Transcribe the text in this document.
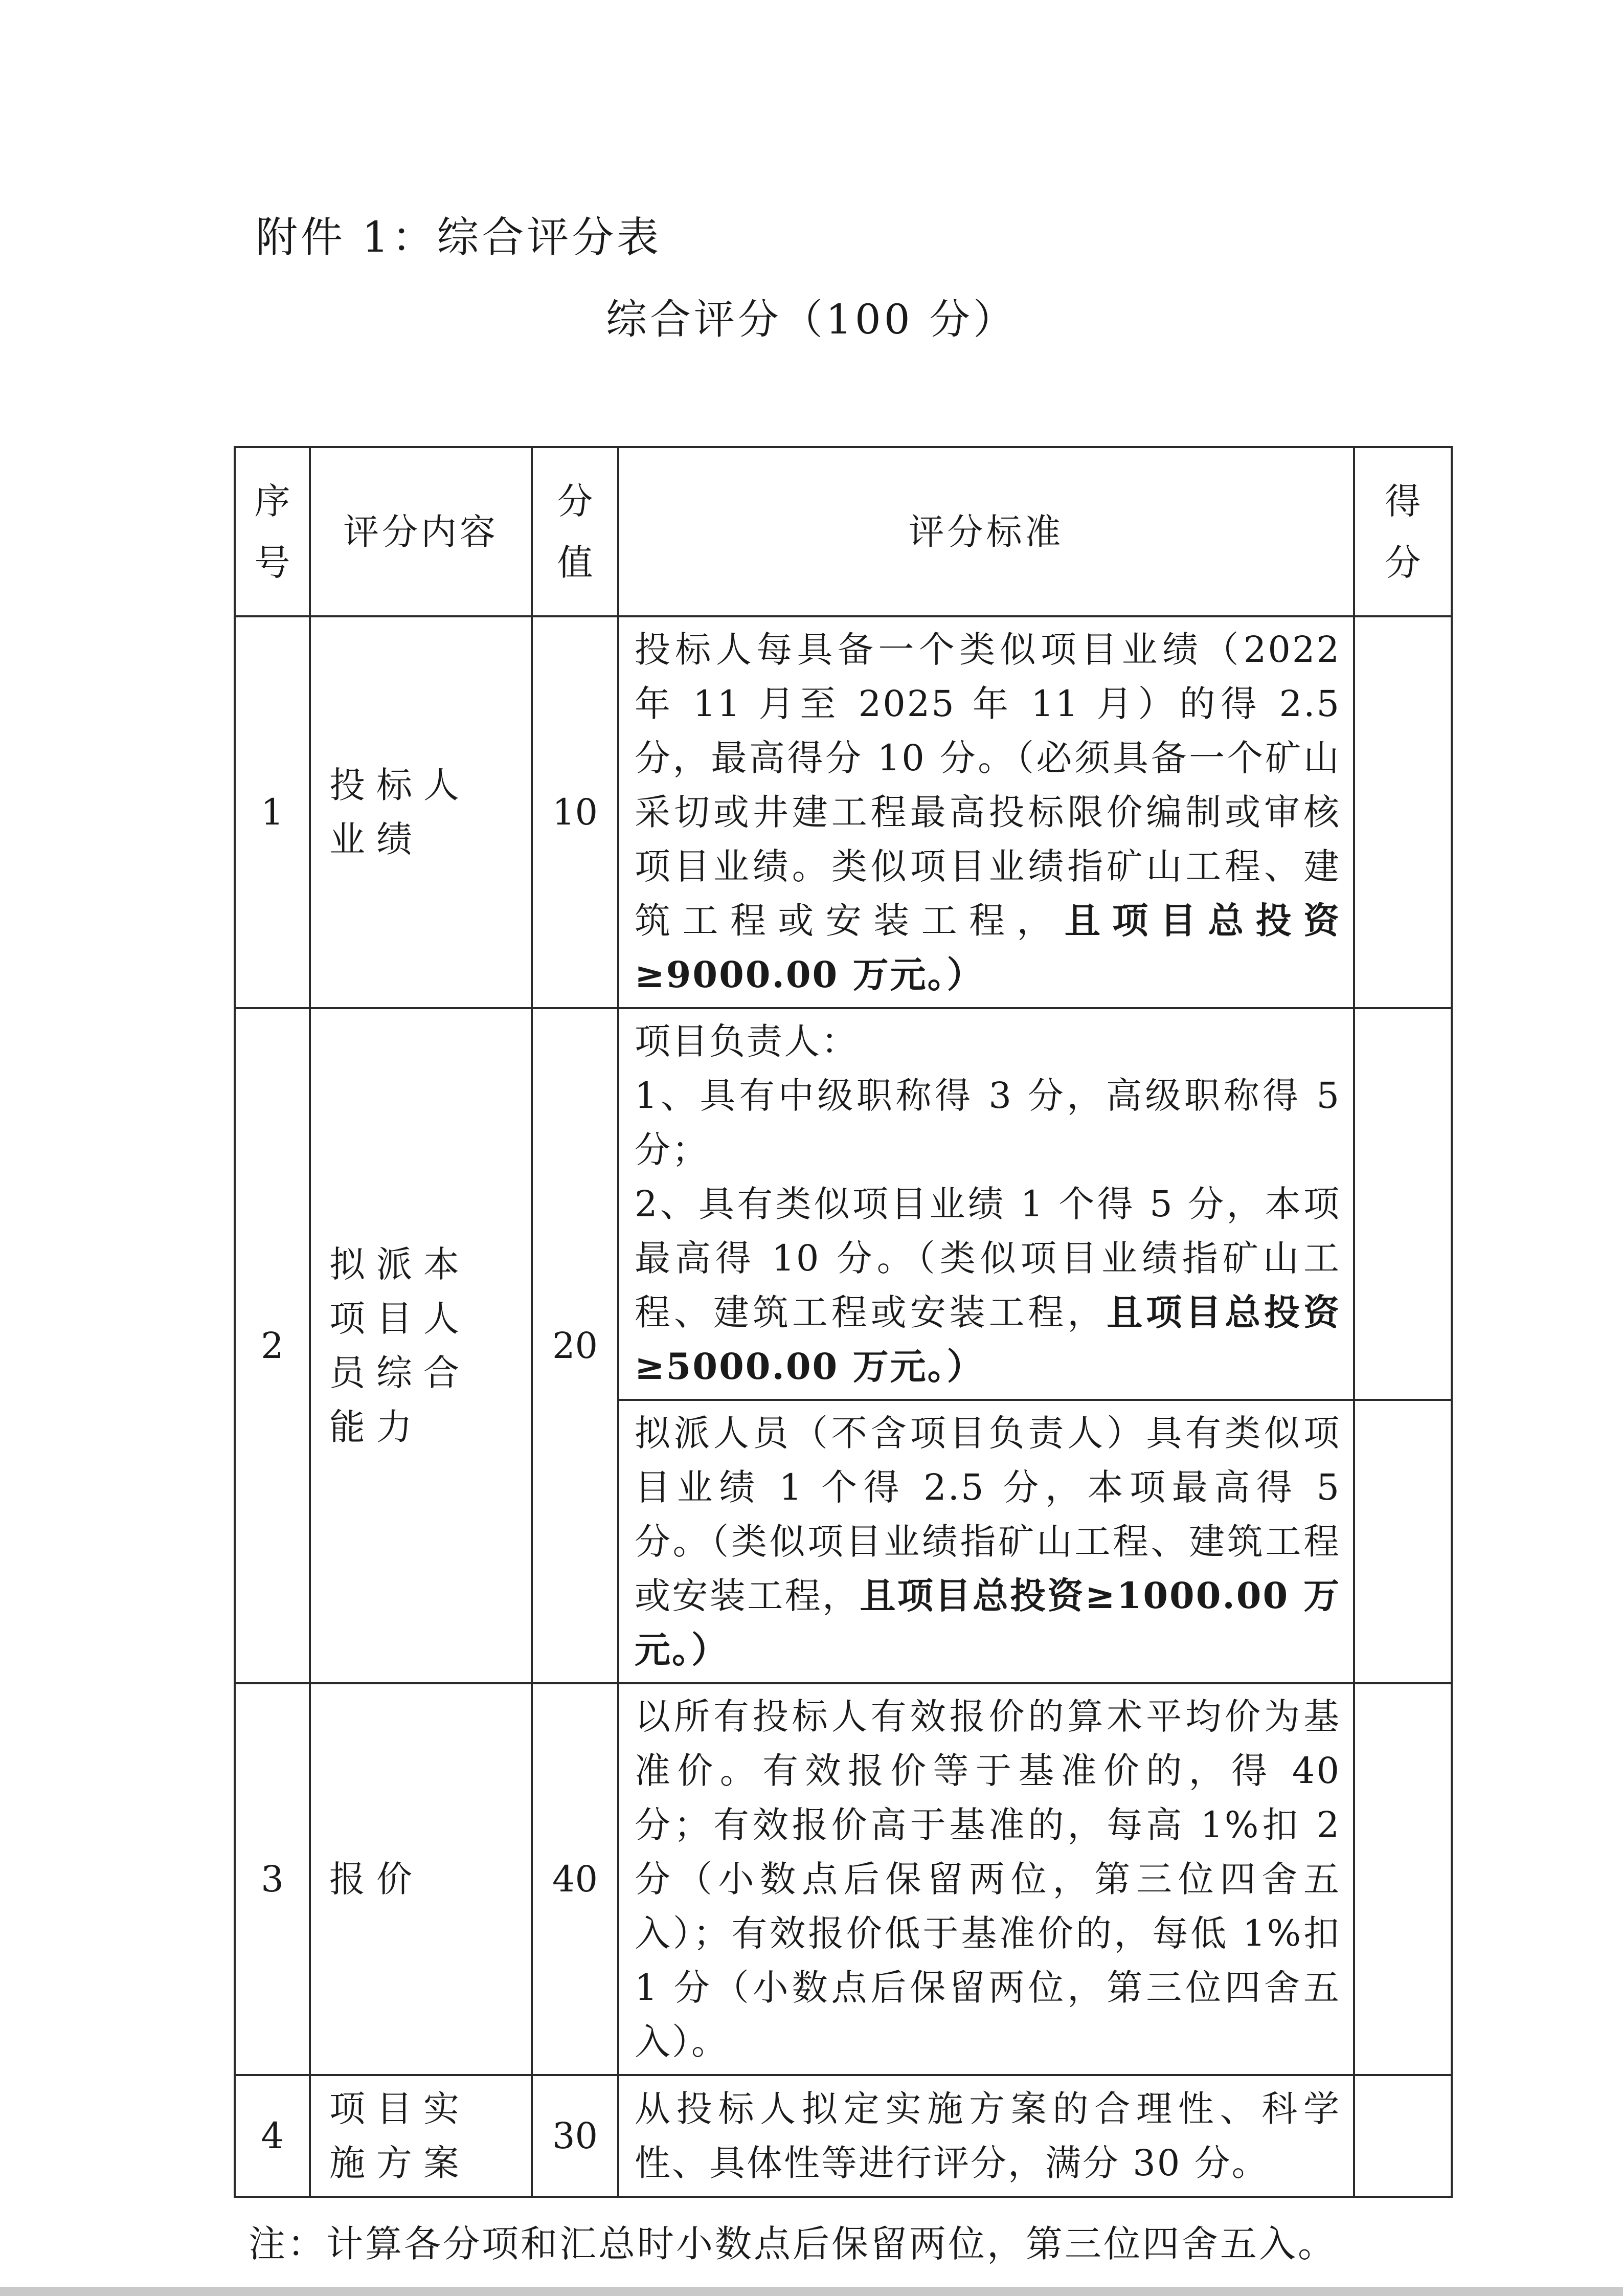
附件 1：综合评分表
综合评分（100 分）
序号	评分内容	分值	评分标准	得分
1	投标人业绩	10	投标人每具备一个类似项目业绩（2022 年 11 月至 2025 年 11 月）的得 2.5 分，最高得分 10 分。（必须具备一个矿山采切或井建工程最高投标限价编制或审核项目业绩。类似项目业绩指矿山工程、建筑工程或安装工程，且项目总投资≥9000.00 万元。）	
2	拟派本项目人员综合能力	20	项目负责人：
1、具有中级职称得 3 分，高级职称得 5 分；
2、具有类似项目业绩 1 个得 5 分，本项最高得 10 分。（类似项目业绩指矿山工程、建筑工程或安装工程，且项目总投资≥5000.00 万元。）	
			拟派人员（不含项目负责人）具有类似项目业绩 1 个得 2.5 分，本项最高得 5 分。（类似项目业绩指矿山工程、建筑工程或安装工程，且项目总投资≥1000.00 万元。）	
3	报价	40	以所有投标人有效报价的算术平均价为基准价。有效报价等于基准价的，得 40 分；有效报价高于基准的，每高 1%扣 2 分（小数点后保留两位，第三位四舍五入）；有效报价低于基准价的，每低 1%扣 1 分（小数点后保留两位，第三位四舍五入）。	
4	项目实施方案	30	从投标人拟定实施方案的合理性、科学性、具体性等进行评分，满分 30 分。	
注：计算各分项和汇总时小数点后保留两位，第三位四舍五入。
